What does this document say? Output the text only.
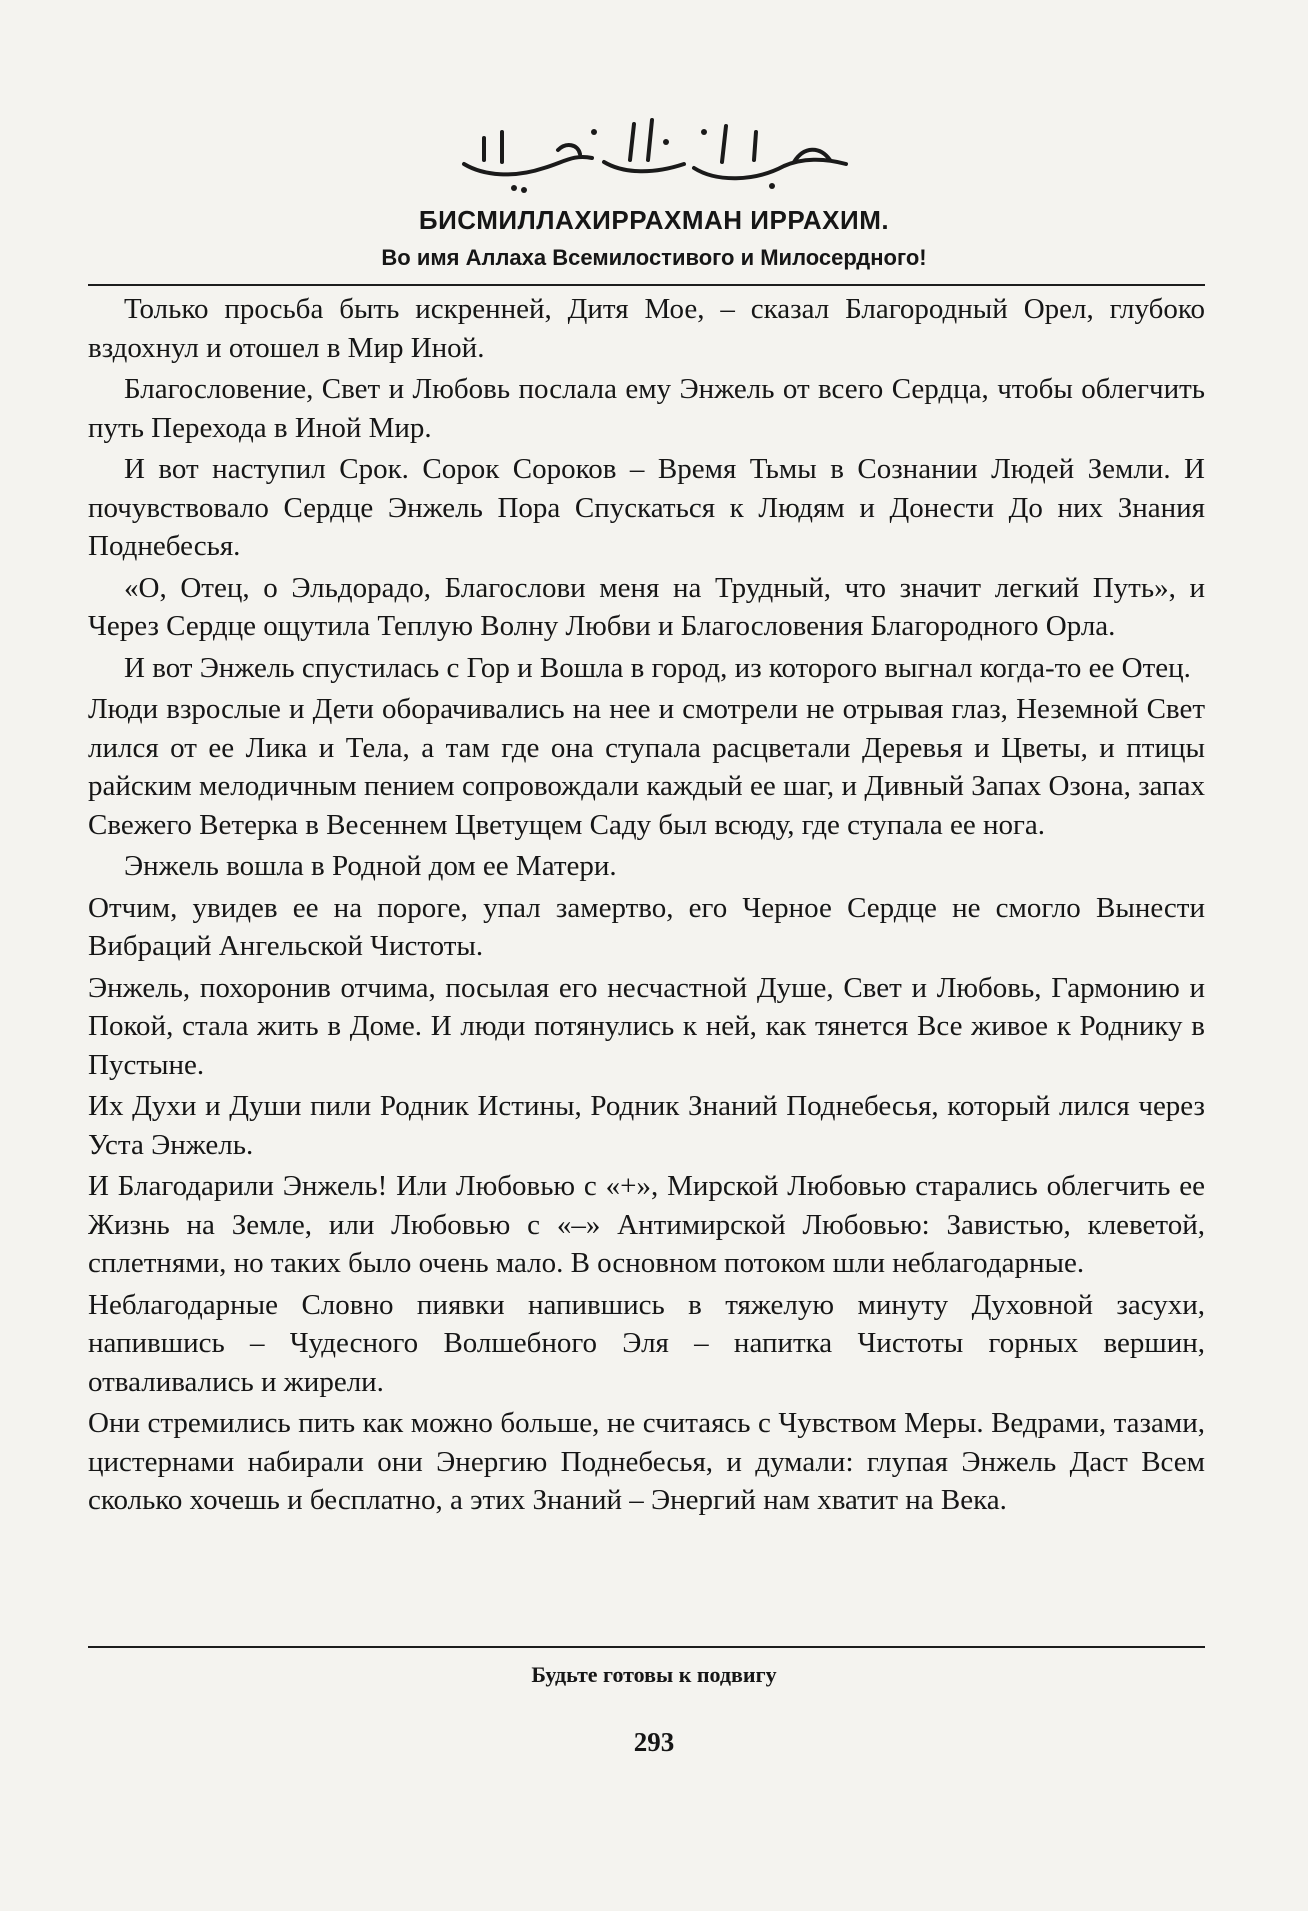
БИСМИЛЛАХИРРАХМАН ИРРАХИМ.
Во имя Аллаха Всемилостивого и Милосердного!

Только просьба быть искренней, Дитя Мое, – сказал Благородный Орел, глубоко вздохнул и отошел в Мир Иной.

Благословение, Свет и Любовь послала ему Энжель от всего Сердца, чтобы облегчить путь Перехода в Иной Мир.

И вот наступил Срок. Сорок Сороков – Время Тьмы в Сознании Людей Земли. И почувствовало Сердце Энжель Пора Спускаться к Людям и Донести До них Знания Поднебесья.

«О, Отец, о Эльдорадо, Благослови меня на Трудный, что значит легкий Путь», и Через Сердце ощутила Теплую Волну Любви и Благословения Благородного Орла.

И вот Энжель спустилась с Гор и Вошла в город, из которого выгнал когда-то ее Отец.

Люди взрослые и Дети оборачивались на нее и смотрели не отрывая глаз, Неземной Свет лился от ее Лика и Тела, а там где она ступала расцветали Деревья и Цветы, и птицы райским мелодичным пением сопровождали каждый ее шаг, и Дивный Запах Озона, запах Свежего Ветерка в Весеннем Цветущем Саду был всюду, где ступала ее нога.

Энжель вошла в Родной дом ее Матери.

Отчим, увидев ее на пороге, упал замертво, его Черное Сердце не смогло Вынести Вибраций Ангельской Чистоты.

Энжель, похоронив отчима, посылая его несчастной Душе, Свет и Любовь, Гармонию и Покой, стала жить в Доме. И люди потянулись к ней, как тянется Все живое к Роднику в Пустыне.

Их Духи и Души пили Родник Истины, Родник Знаний Поднебесья, который лился через Уста Энжель.

И Благодарили Энжель! Или Любовью с «+», Мирской Любовью старались облегчить ее Жизнь на Земле, или Любовью с «–» Антимирской Любовью: Завистью, клеветой, сплетнями, но таких было очень мало. В основном потоком шли неблагодарные.

Неблагодарные Словно пиявки напившись в тяжелую минуту Духовной засухи, напившись – Чудесного Волшебного Эля – напитка Чистоты горных вершин, отваливались и жирели.

Они стремились пить как можно больше, не считаясь с Чувством Меры. Ведрами, тазами, цистернами набирали они Энергию Поднебесья, и думали: глупая Энжель Даст Всем сколько хочешь и бесплатно, а этих Знаний – Энергий нам хватит на Века.

Будьте готовы к подвигу
293
